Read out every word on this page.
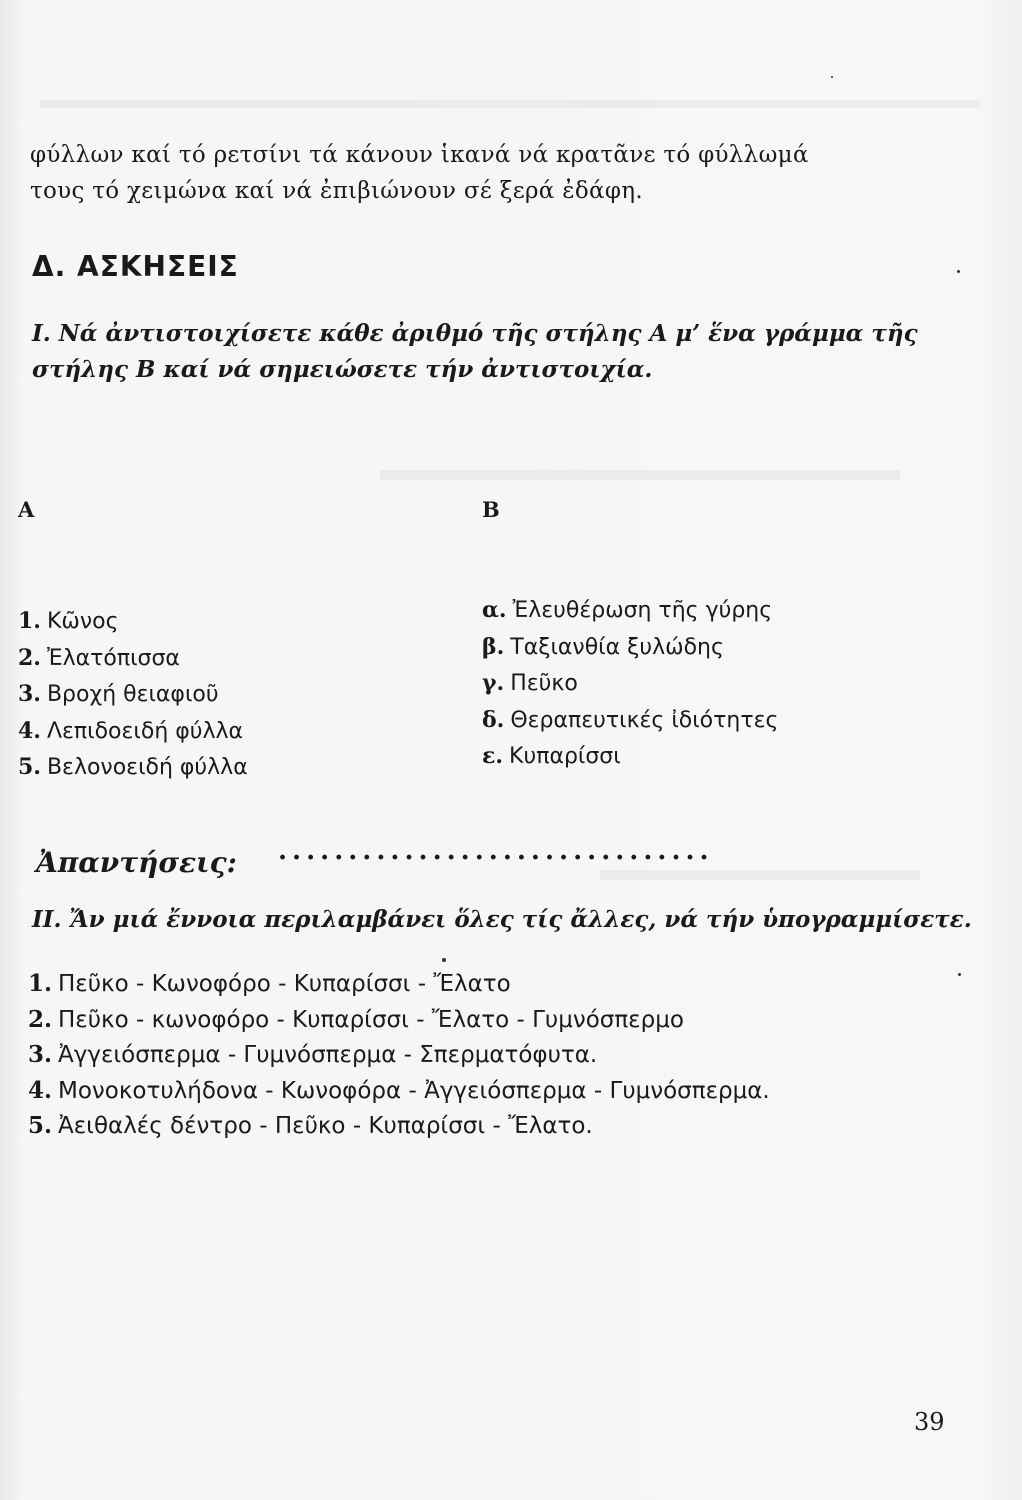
φύλλων καί τό ρετσίνι τά κάνουν ἱκανά νά κρατᾶνε τό φύλλωμά
τους τό χειμώνα καί νά ἐπιβιώνουν σέ ξερά ἐδάφη.
Δ. ΑΣΚΗΣΕΙΣ
Ι. Νά ἀντιστοιχίσετε κάθε ἀριθμό τῆς στήλης Α μ’ ἕνα γράμμα τῆς
στήλης Β καί νά σημειώσετε τήν ἀντιστοιχία.
Α	Β
1. Κῶνος
2. Ἐλατόπισσα
3. Βροχή θειαφιοῦ
4. Λεπιδοειδή φύλλα
5. Βελονοειδή φύλλα
α. Ἐλευθέρωση τῆς γύρης
β. Ταξιανθία ξυλώδης
γ. Πεῦκο
δ. Θεραπευτικές ἰδιότητες
ε. Κυπαρίσσι
Ἀπαντήσεις: ...............................
ΙΙ. Ἄν μιά ἔννοια περιλαμβάνει ὅλες τίς ἄλλες, νά τήν ὑπογραμμίσετε.
1. Πεῦκο - Κωνοφόρο - Κυπαρίσσι - Ἔλατο
2. Πεῦκο - κωνοφόρο - Κυπαρίσσι - Ἔλατο - Γυμνόσπερμο
3. Ἀγγειόσπερμα - Γυμνόσπερμα - Σπερματόφυτα.
4. Μονοκοτυλήδονα - Κωνοφόρα - Ἀγγειόσπερμα - Γυμνόσπερμα.
5. Ἀειθαλές δέντρο - Πεῦκο - Κυπαρίσσι - Ἔλατο.
39
